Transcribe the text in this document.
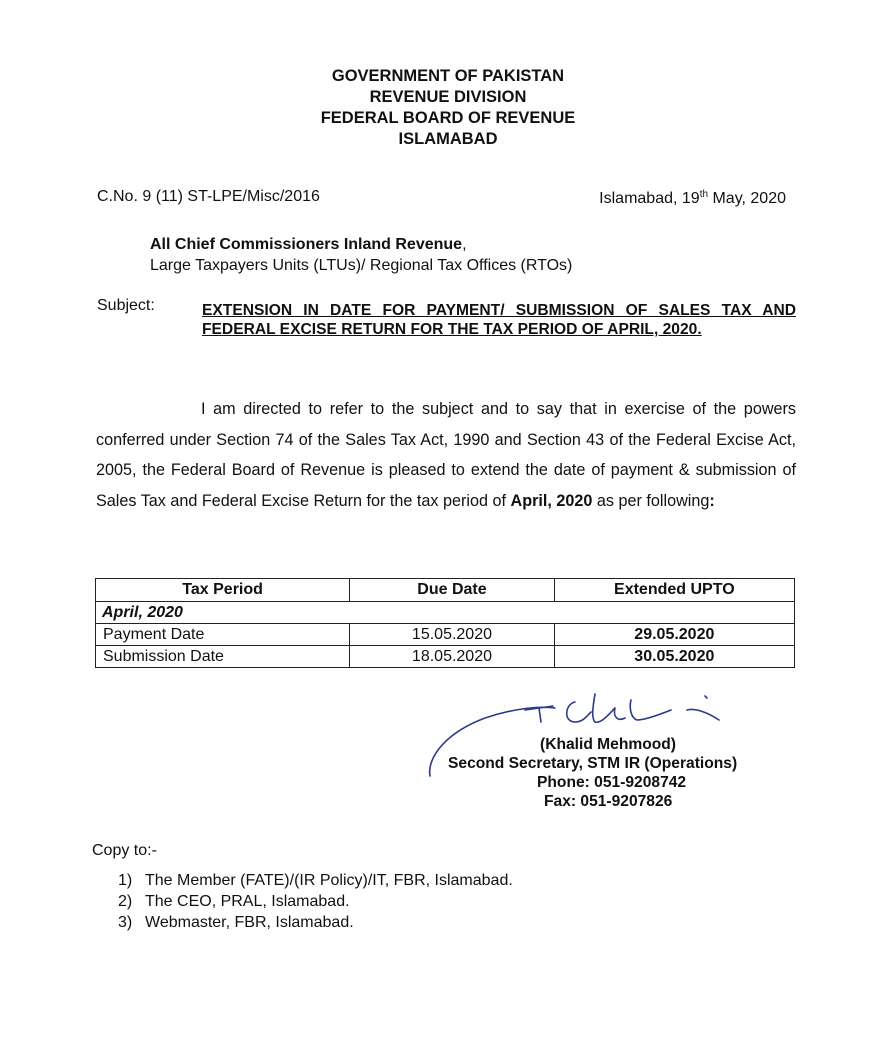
GOVERNMENT OF PAKISTAN
REVENUE DIVISION
FEDERAL BOARD OF REVENUE
ISLAMABAD
C.No. 9 (11) ST-LPE/Misc/2016	Islamabad, 19th May, 2020
All Chief Commissioners Inland Revenue,
Large Taxpayers Units (LTUs)/ Regional Tax Offices (RTOs)
Subject:	EXTENSION IN DATE FOR PAYMENT/ SUBMISSION OF SALES TAX AND FEDERAL EXCISE RETURN FOR THE TAX PERIOD OF APRIL, 2020.
I am directed to refer to the subject and to say that in exercise of the powers conferred under Section 74 of the Sales Tax Act, 1990 and Section 43 of the Federal Excise Act, 2005, the Federal Board of Revenue is pleased to extend the date of payment & submission of Sales Tax and Federal Excise Return for the tax period of April, 2020 as per following:
Tax Period	Due Date	Extended UPTO
April, 2020		
Payment Date	15.05.2020	29.05.2020
Submission Date	18.05.2020	30.05.2020
(Khalid Mehmood)
Second Secretary, STM IR (Operations)
Phone: 051-9208742
Fax: 051-9207826
Copy to:-
1) The Member (FATE)/(IR Policy)/IT, FBR, Islamabad.
2) The CEO, PRAL, Islamabad.
3) Webmaster, FBR, Islamabad.
